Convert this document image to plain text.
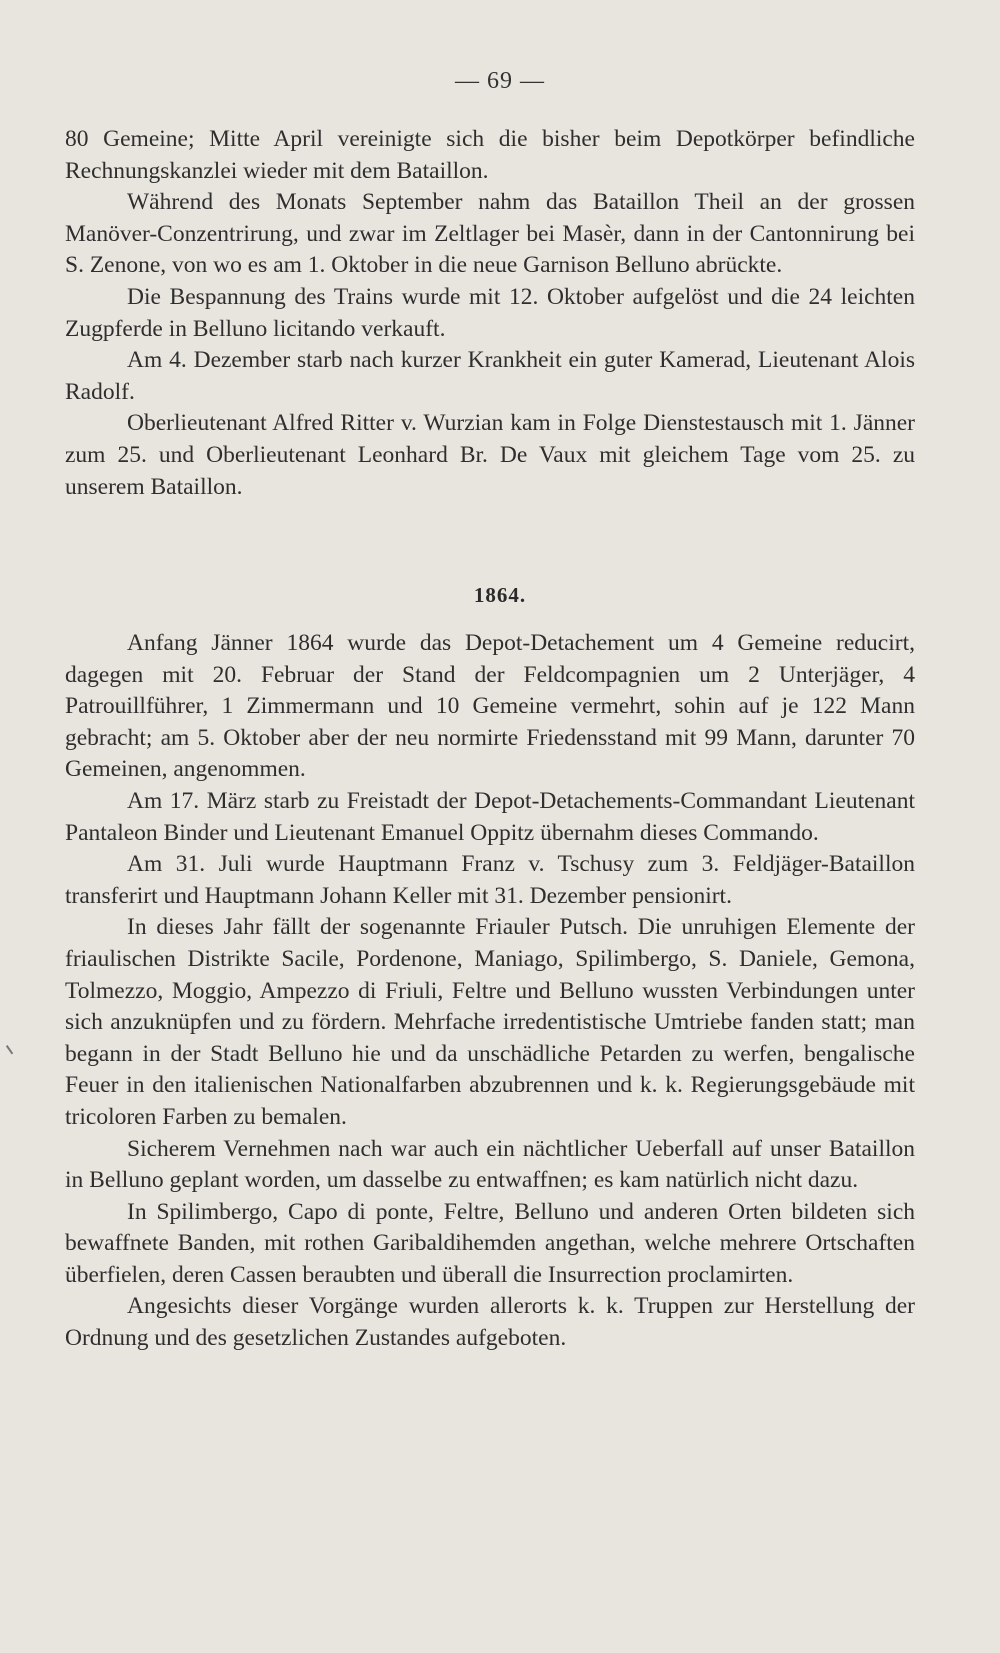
— 69 —

80 Gemeine; Mitte April vereinigte sich die bisher beim Depotkörper befindliche Rechnungskanzlei wieder mit dem Bataillon.

Während des Monats September nahm das Bataillon Theil an der grossen Manöver-Conzentrirung, und zwar im Zeltlager bei Masèr, dann in der Cantonnirung bei S. Zenone, von wo es am 1. Oktober in die neue Garnison Belluno abrückte.

Die Bespannung des Trains wurde mit 12. Oktober aufgelöst und die 24 leichten Zugpferde in Belluno licitando verkauft.

Am 4. Dezember starb nach kurzer Krankheit ein guter Kamerad, Lieutenant Alois Radolf.

Oberlieutenant Alfred Ritter v. Wurzian kam in Folge Dienstestausch mit 1. Jänner zum 25. und Oberlieutenant Leonhard Br. De Vaux mit gleichem Tage vom 25. zu unserem Bataillon.

1864.

Anfang Jänner 1864 wurde das Depot-Detachement um 4 Gemeine reducirt, dagegen mit 20. Februar der Stand der Feldcompagnien um 2 Unterjäger, 4 Patrouillführer, 1 Zimmermann und 10 Gemeine vermehrt, sohin auf je 122 Mann gebracht; am 5. Oktober aber der neu normirte Friedensstand mit 99 Mann, darunter 70 Gemeinen, angenommen.

Am 17. März starb zu Freistadt der Depot-Detachements-Commandant Lieutenant Pantaleon Binder und Lieutenant Emanuel Oppitz übernahm dieses Commando.

Am 31. Juli wurde Hauptmann Franz v. Tschusy zum 3. Feldjäger-Bataillon transferirt und Hauptmann Johann Keller mit 31. Dezember pensionirt.

In dieses Jahr fällt der sogenannte Friauler Putsch. Die unruhigen Elemente der friaulischen Distrikte Sacile, Pordenone, Maniago, Spilimbergo, S. Daniele, Gemona, Tolmezzo, Moggio, Ampezzo di Friuli, Feltre und Belluno wussten Verbindungen unter sich anzuknüpfen und zu fördern. Mehrfache irredentistische Umtriebe fanden statt; man begann in der Stadt Belluno hie und da unschädliche Petarden zu werfen, bengalische Feuer in den italienischen Nationalfarben abzubrennen und k. k. Regierungsgebäude mit tricoloren Farben zu bemalen.

Sicherem Vernehmen nach war auch ein nächtlicher Ueberfall auf unser Bataillon in Belluno geplant worden, um dasselbe zu entwaffnen; es kam natürlich nicht dazu.

In Spilimbergo, Capo di ponte, Feltre, Belluno und anderen Orten bildeten sich bewaffnete Banden, mit rothen Garibaldihemden angethan, welche mehrere Ortschaften überfielen, deren Cassen beraubten und überall die Insurrection proclamirten.

Angesichts dieser Vorgänge wurden allerorts k. k. Truppen zur Herstellung der Ordnung und des gesetzlichen Zustandes aufgeboten.
